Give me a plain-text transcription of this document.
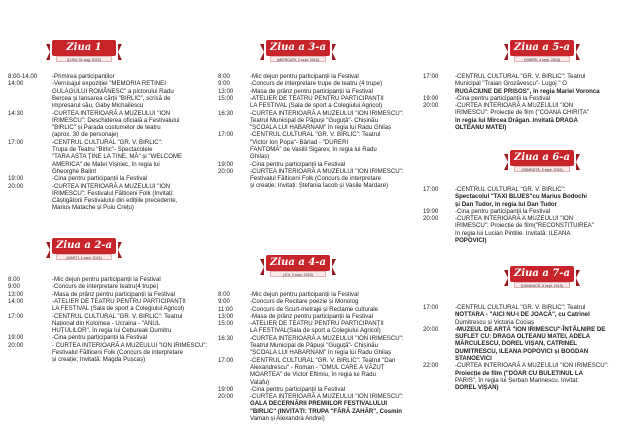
Ziua 1
(LUNI, 31 aug. 2015)
8:00-14.00 -Primirea participanților
14:00	-Vernisajul expoziției "MEMORIA RETINEI
GULAGULUI ROMÂNESC" a pictorului Radu
Bercea și lansarea cărții "BIRLIC", scrisă de
impresarul său, Gaby Michailescu
14:30	-CURTEA INTERIOARĂ A MUZEULUI "ION
IRIMESCU": Deschiderea oficială a Festivalului
"BIRLIC" și Parada costumelor de teatru
(aprox. 30 de personaje)
17:00	-CENTRUL CULTURAL "GR. V. BIRLIC":
Trupa de Teatru "Birlic"- Spectacolele
"TARA ASTA ȚINE LA TINE, MĂ" și "WELCOME
AMERICA" de Matei Vișniec, în regia lui
Gheorghe Balint
19:00	-Cina pentru participanții la Festival
20:00	-CURTEA INTERIOARĂ A MUZEULUI "ION
IRIMESCU": Festivalul Fălticeni Folk (Invitați:
Câștigătorii Festivalului din edițiile precedente,
Marius Matache și Puiu Crețu)
Ziua a 2-a
(MARȚI, 1 sept. 2015)
8:00	-Mic dejun pentru participanții la Festival
9:00	-Concurs de interpretare teatru(4 trupe)
13:00	-Masa de prânz pentru participanții la Festival
14:00	-ATELIER DE TEATRU PENTRU PARTICIPANȚII
LA FESTIVAL (Sala de sport a Colegiului Agricol)
17:00	-CENTRUL CULTURAL "GR. V. BIRLIC": Teatrul
Național din Kolomea - Ucraina - "ANUL
HUȚULILOR", în regia lui Cebureak Dumitru
19:00	-Cina pentru participanții la Festival
20:00	- CURTEA INTERIOARĂ A MUZEULUI "ION IRIMESCU":
Festivalul Fălticeni Folk (Concurs de interpretare
și creație; Invitată: Magda Pușcaș)
Ziua a 3-a
(MIERCURI, 2 sept. 2015)
8:00	-Mic dejun pentru participanții la Festival
9:00	-Concurs de interpretare trupe de teatru (4 trupe)
13:00	-Masa de prânz pentru participanții la Festival
15:00	-ATELIER DE TEATRU PENTRU PARTICIPANȚII
LA FESTIVAL (Sala de sport a Colegiului Agricol)
16:30	-CURTEA INTERIOARĂ A MUZEULUI "ION IRIMESCU":
Teatrul Municipal de Păpuși "Guguță"- Chișinău
"ȘCOALA LUI HABARNAM" în regia lui Radu Ghilaș
17:00	-CENTRUL CULTURAL "GR. V. BIRLIC": Teatrul
"Victor Ion Popa"- Bârlad - "DURERI
FANTOMĂ" de Vasilii Sigarev, în regia lui Radu
Ghilaș)
19:00	-Cina pentru participanții la Festival
20:00	-CURTEA INTERIOARĂ A MUZEULUI "ION IRIMESCU":
Festivalul Fălticeni Folk (Concurs de interpretare
și creație; Invitați: Ștefania Iacob și Vasile Mardare)
Ziua a 4-a
(JOI, 3 sept. 2015)
8:00	-Mic dejun pentru participanții la Festival
9:00	-Concurs de Recitare poezie și Monolog
11:00	-Concurs de Scurt-metraje și Reclame culturale
13:00	-Masa de prânz pentru participanții la Festival
15:00	-ATELIER DE TEATRU PENTRU PARTICIPANȚII
LA FESTIVAL(Sala de sport a Colegiului Agricol)
16:30	-CURTEA INTERIOARĂ A MUZEULUI "ION IRIMESCU":
Teatrul Municipal de Păpuși "Guguță"- Chișinău
"ȘCOALA LUI HABARNAM" în regia lui Radu Ghilaș
17:00	-CENTRUL CULTURAL "GR. V. BIRLIC": Teatrul "Dan
Alexandrescu" - Roman - "OMUL CARE A VĂZUT
MOARTEA" de Victor Eftimiu, în regia lui Radu
Vatafu)
19:00	-Cina pentru participanții la Festival
20:00	-CURTEA INTERIOARĂ A MUZEULUI "ION IRIMESCU":
GALA DECERNĂRII PREMIILOR FESTIVALULUI
"BIRLIC" (INVITAȚI: TRUPA "FĂRĂ ZAHĂR", Cosmin
Vaman și Alexandra Andrei)
Ziua a 5-a
(VINERI, 4 sept. 2015)
17:00	-CENTRUL CULTURAL "GR. V. BIRLIC": Teatrul
Municipal "Traian Grozăvescu"- Lugoj " O
RUGĂCIUNE DE PRISOS", în regia Mariei Voronca
19:00	-Cina pentru participanții la Festival
20:00	-CURTEA INTERIOARĂ A MUZEULUI "ION
IRIMESCU": Proiecție de film ("COANA CHIRIȚA"
în regia lui Mircea Drăgan. Invitată DRAGA
OLTEANU MATEI)
Ziua a 6-a
(SÂMBĂTĂ, 5 sept. 2015)
17:00	-CENTRUL CULTURAL "GR. V. BIRLIC":
Spectacolul "TAXI BLUES"cu Marius Bodochi
și Dan Tudor, în regia lui Dan Tudor
19:00	-Cina pentru participanții la Festival
20:00	-CURTEA INTERIOARĂ A MUZEULUI "ION
IRIMESCU": Proiecție de film("RECONSTITUIREA"
în regia lui Lucian Pintilie. Invitată: ILEANA
POPOVICI)
Ziua a 7-a
(DUMINICĂ, 6 sept. 2015)
17:00	-CENTRUL CULTURAL "GR. V. BIRLIC": Teatrul
NOTTARA - "AICI NU-I DE JOACĂ", cu Catrinel
Dumitrescu și Victoria Cociaș
20:00	-MUZEUL DE ARTĂ "ION IRIMESCU"-ÎNTÂLNIRE DE
SUFLET CU: DRAGA OLTEANU MATEI, ADELA
MĂRCULESCU, DOREL VIȘAN, CATRINEL
DUMITRESCU, ILEANA POPOVICI și BOGDAN
STANOEVICI
22:00	-CURTEA INTERIOARĂ A MUZEULUI "ION IRIMESCU":
Proiecție de film ("DOAR CU BULETINUL LA
PARIS", în regia lui Șerban Marinescu. Invitat:
DOREL VIȘAN)
